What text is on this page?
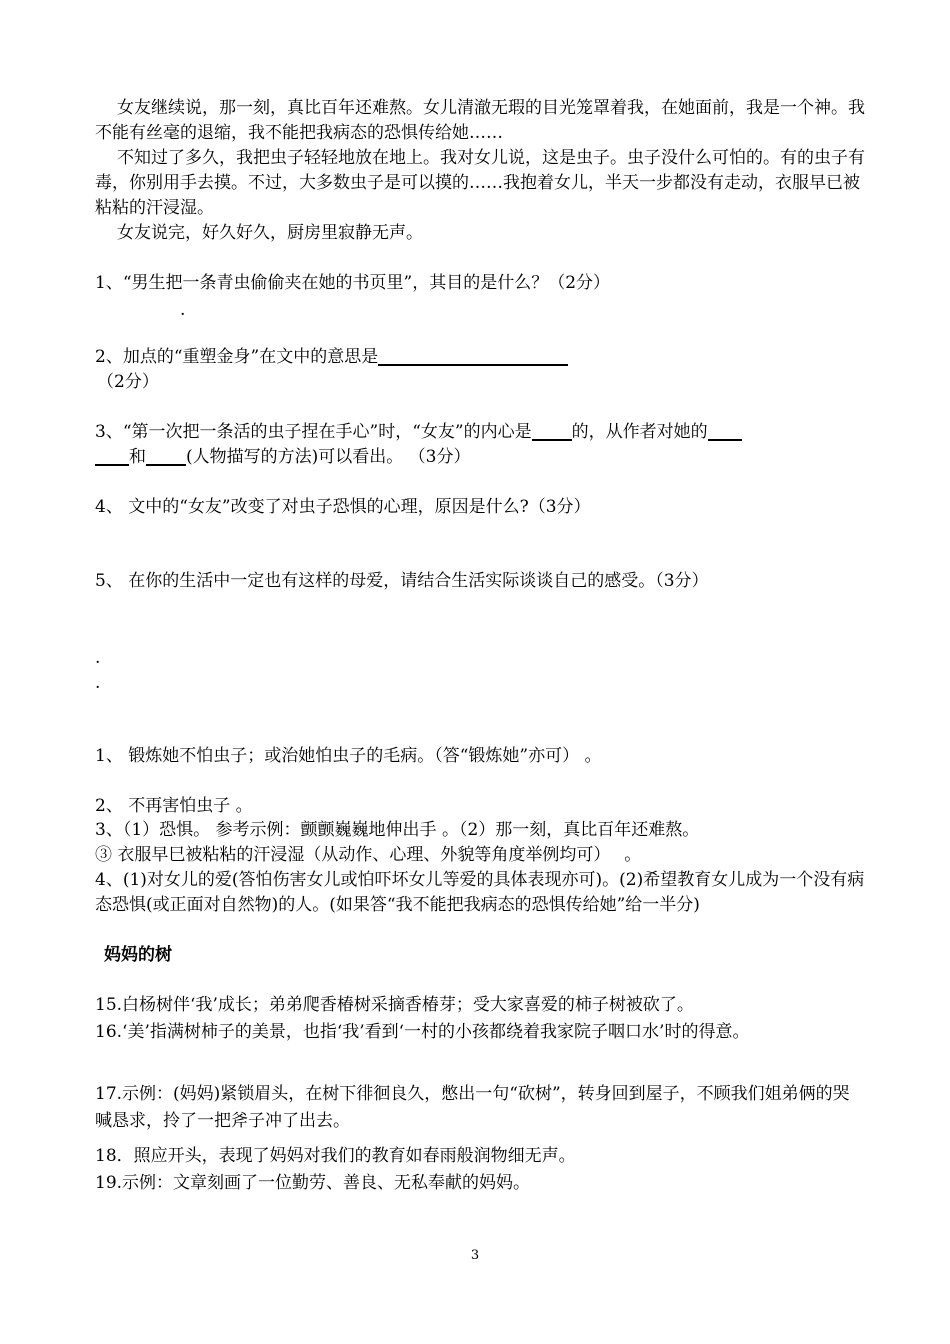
女友继续说，那一刻，真比百年还难熬。女儿清澈无瑕的目光笼罩着我，在她面前，我是一个神。我不能有丝毫的退缩，我不能把我病态的恐惧传给她……

不知过了多久，我把虫子轻轻地放在地上。我对女儿说，这是虫子。虫子没什么可怕的。有的虫子有毒，你别用手去摸。不过，大多数虫子是可以摸的……我抱着女儿，半天一步都没有走动，衣服早已被粘粘的汗浸湿。

女友说完，好久好久，厨房里寂静无声。

1、“男生把一条青虫偷偷夹在她的书页里”，其目的是什么？（2分）

.

2、加点的“重塑金身”在文中的意思是

（2分）

3、“第一次把一条活的虫子捏在手心”时，“女友”的内心是 的，从作者对她的

和 (人物描写的方法)可以看出。 （3分）

4、 文中的“女友”改变了对虫子恐惧的心理，原因是什么?（3分）

5、 在你的生活中一定也有这样的母爱，请结合生活实际谈谈自己的感受。（3分）

.

.

1、 锻炼她不怕虫子；或治她怕虫子的毛病。（答“锻炼她”亦可） 。

2、 不再害怕虫子 。

3、（1）恐惧。 参考示例：颤颤巍巍地伸出手 。（2）那一刻，真比百年还难熬。

③ 衣服早巳被粘粘的汗浸湿（从动作、心理、外貌等角度举例均可）　 。

4、(1)对女儿的爱(答怕伤害女儿或怕吓坏女儿等爱的具体表现亦可)。(2)希望教育女儿成为一个没有病态恐惧(或正面对自然物)的人。(如果答“我不能把我病态的恐惧传给她”给一半分)

妈妈的树

15.白杨树伴‘我’成长；弟弟爬香椿树采摘香椿芽；受大家喜爱的柿子树被砍了。

16.‘美’指满树柿子的美景，也指‘我’看到‘一村的小孩都绕着我家院子咽口水’时的得意。

17.示例：(妈妈)紧锁眉头，在树下徘徊良久，憋出一句“砍树”，转身回到屋子，不顾我们姐弟俩的哭喊恳求，拎了一把斧子冲了出去。

18．照应开头，表现了妈妈对我们的教育如春雨般润物细无声。

19.示例：文章刻画了一位勤劳、善良、无私奉献的妈妈。

3
